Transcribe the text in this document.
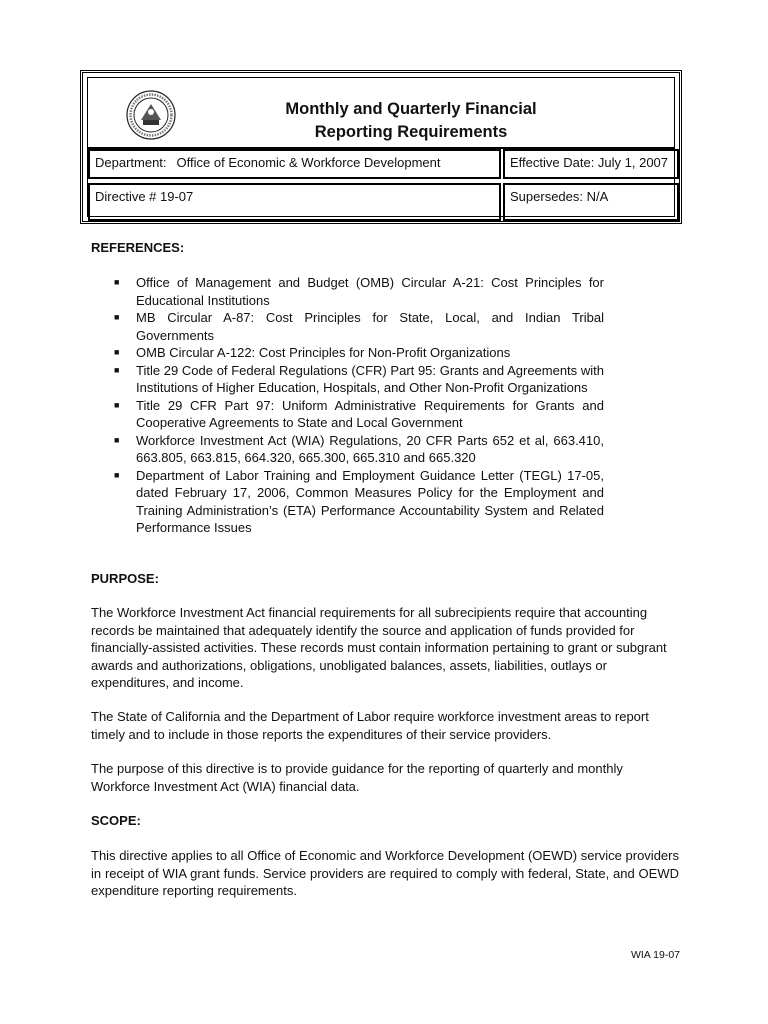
Monthly and Quarterly Financial
Reporting Requirements
Department: Office of Economic & Workforce Development	Effective Date: July 1, 2007
Directive # 19-07	Supersedes: N/A
REFERENCES:
■ Office of Management and Budget (OMB) Circular A-21: Cost Principles for Educational Institutions
■ MB Circular A-87: Cost Principles for State, Local, and Indian Tribal Governments
■ OMB Circular A-122: Cost Principles for Non-Profit Organizations
■ Title 29 Code of Federal Regulations (CFR) Part 95: Grants and Agreements with Institutions of Higher Education, Hospitals, and Other Non-Profit Organizations
■ Title 29 CFR Part 97: Uniform Administrative Requirements for Grants and Cooperative Agreements to State and Local Government
■ Workforce Investment Act (WIA) Regulations, 20 CFR Parts 652 et al, 663.410, 663.805, 663.815, 664.320, 665.300, 665.310 and 665.320
■ Department of Labor Training and Employment Guidance Letter (TEGL) 17-05, dated February 17, 2006, Common Measures Policy for the Employment and Training Administration’s (ETA) Performance Accountability System and Related Performance Issues
PURPOSE:

The Workforce Investment Act financial requirements for all subrecipients require that accounting records be maintained that adequately identify the source and application of funds provided for financially-assisted activities. These records must contain information pertaining to grant or subgrant awards and authorizations, obligations, unobligated balances, assets, liabilities, outlays or expenditures, and income.

The State of California and the Department of Labor require workforce investment areas to report timely and to include in those reports the expenditures of their service providers.

The purpose of this directive is to provide guidance for the reporting of quarterly and monthly Workforce Investment Act (WIA) financial data.

SCOPE:

This directive applies to all Office of Economic and Workforce Development (OEWD) service providers in receipt of WIA grant funds. Service providers are required to comply with federal, State, and OEWD expenditure reporting requirements.

WIA 19-07
